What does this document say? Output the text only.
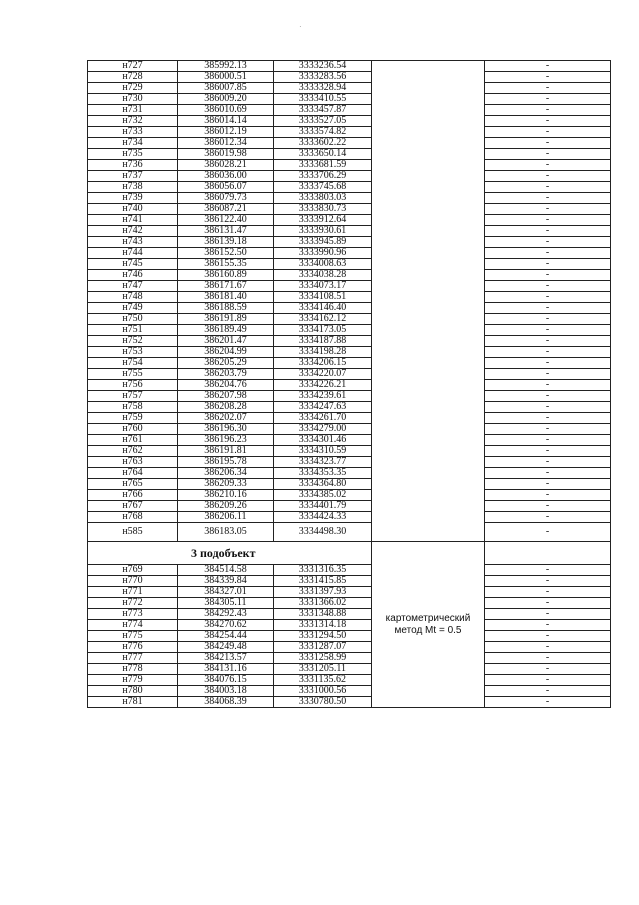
н727	385992.13	3333236.54		-
н728	386000.51	3333283.56		-
н729	386007.85	3333328.94		-
н730	386009.20	3333410.55		-
н731	386010.69	3333457.87		-
н732	386014.14	3333527.05		-
н733	386012.19	3333574.82		-
н734	386012.34	3333602.22		-
н735	386019.98	3333650.14		-
н736	386028.21	3333681.59		-
н737	386036.00	3333706.29		-
н738	386056.07	3333745.68		-
н739	386079.73	3333803.03		-
н740	386087.21	3333830.73		-
н741	386122.40	3333912.64		-
н742	386131.47	3333930.61		-
н743	386139.18	3333945.89		-
н744	386152.50	3333990.96		-
н745	386155.35	3334008.63		-
н746	386160.89	3334038.28		-
н747	386171.67	3334073.17		-
н748	386181.40	3334108.51		-
н749	386188.59	3334146.40		-
н750	386191.89	3334162.12		-
н751	386189.49	3334173.05		-
н752	386201.47	3334187.88		-
н753	386204.99	3334198.28		-
н754	386205.29	3334206.15		-
н755	386203.79	3334220.07		-
н756	386204.76	3334226.21		-
н757	386207.98	3334239.61		-
н758	386208.28	3334247.63		-
н759	386202.07	3334261.70		-
н760	386196.30	3334279.00		-
н761	386196.23	3334301.46		-
н762	386191.81	3334310.59		-
н763	386195.78	3334323.77		-
н764	386206.34	3334353.35		-
н765	386209.33	3334364.80		-
н766	386210.16	3334385.02		-
н767	386209.26	3334401.79		-
н768	386206.11	3334424.33		-
н585	386183.05	3334498.30		-
3 подобъект			картометрический
метод Mt = 0.5	

н769	384514.58	3331316.35		-
н770	384339.84	3331415.85		-
н771	384327.01	3331397.93		-
н772	384305.11	3331366.02		-
н773	384292.43	3331348.88		-
н774	384270.62	3331314.18		-
н775	384254.44	3331294.50		-
н776	384249.48	3331287.07		-
н777	384213.57	3331258.99		-
н778	384131.16	3331205.11		-
н779	384076.15	3331135.62		-
н780	384003.18	3331000.56		-
н781	384068.39	3330780.50		-
·
